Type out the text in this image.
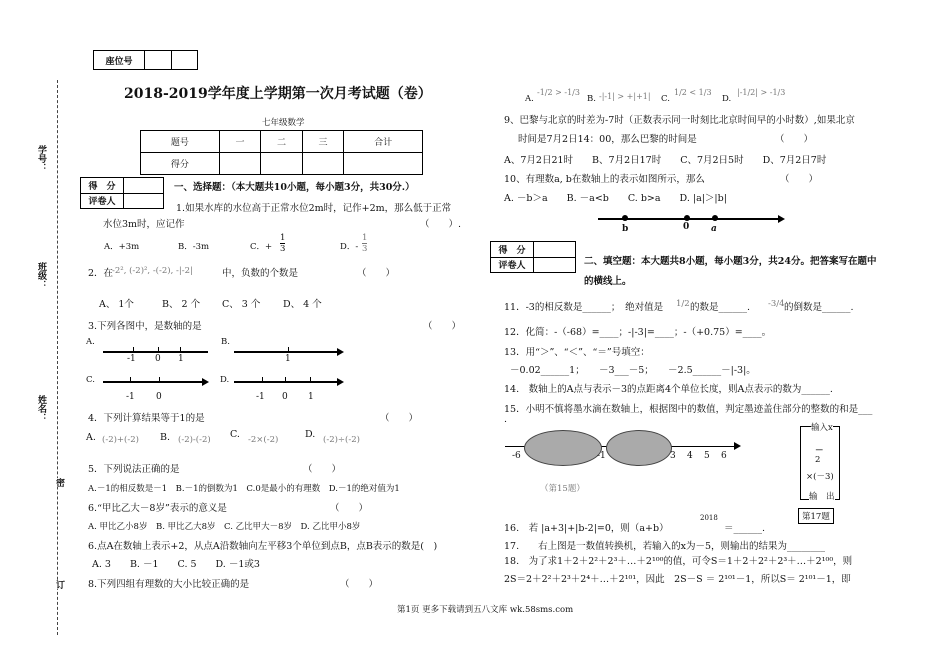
学号：
班级：
姓名：
密
订
座位号		
2018-2019学年度上学期第一次月考试题（卷）
七年级数学
题号	一	二	三	合计
得分				
得　分	
评卷人	
一、选择题：（本大题共10小题，每小题3分，共30分.）
1.如果水库的水位高于正常水位2m时，记作+2m，那么低于正常
水位3m时，应记作	（　　）.
A．+3m	B．-3m	C．+
1
3	D．-
1
3
2．在
-2², (-2)², -(-2), -|-2|	中，负数的个数是	（　　）
A、 1个	B、 2 个 C、 3 个 D、 4 个
3.下列各图中，是数轴的是	（　　）
A.
-1 0 1
B.
1
C.
-1 0
D.
-1 0 1
4．下列计算结果等于1的是	（　　）
A. (-2)+(-2) B. (-2)-(-2) C. -2×(-2)	D. (-2)÷(-2)
5．下列说法正确的是	（　　）
A.－1的相反数是－1　B.－1的倒数为1　C.0是最小的有理数　D.－1的绝对值为1
6.“甲比乙大－8岁”表示的意义是	（　　）
A. 甲比乙小8岁　B. 甲比乙大8岁　C. 乙比甲大－8岁　D. 乙比甲小8岁
6.点A在数轴上表示+2，从点A沿数轴向左平移3个单位到点B，点B表示的数是(　)
A. 3　　B. －1　　C. 5　　D. －1或3
8.下列四组有理数的大小比较正确的是	（　　）
A.
-1/2 > -1/3
B. -|-1| > +|+1| C.
1/2 < 1/3
D.
|-1/2| > -1/3
9、巴黎与北京的时差为-7时（正数表示同一时刻比北京时间早的小时数）,如果北京
时间是7月2日14：00，那么巴黎的时间是	（　　）
A、7月2日21时　　B、7月2日17时　　C、7月2日5时　　D、7月2日7时
10、有理数a, b在数轴上的表示如图所示，那么	（　　）
A. －b＞a　　B. －a<b　　C. b>a　　D. |a|＞|b|
b	0 a
得　分	
评卷人		二、填空题：本大题共8小题，每小题3分，共24分。把答案写在题中
的横线上。
11．-3的相反数是______；　绝对值是 1/2 的数是______.　 -3/4 的倒数是______.
12．化简：-（-68）=____；-|-3|=____；-（+0.75）=____。
13．用“＞”、“＜”、“＝”号填空：
－0.02______1；　　－3___－5；　　－2.5______－|-3|。
14.　数轴上的A点与表示－3的点距离4个单位长度，则A点表示的数为______.
15．小明不慎将墨水滴在数轴上，根据图中的数值，判定墨迹盖住部分的整数的和是___
.
-6	-1	3 4 5 6
（第15题）
输入x
－
2
×(－3)
输　出
第17题
16.　若 |a+3|+|b-2|=0，则（a+b）
2018
＝______.
17.　　右上图是一数值转换机，若输入的x为－5，则输出的结果为________
18.　为了求1＋2＋2²＋2³＋…＋2¹⁰⁰的值，可令S＝1＋2＋2²＋2³＋…＋2¹⁰⁰，则
2S＝2＋2²＋2³＋2⁴＋…＋2¹⁰¹，因此　2S－S ＝ 2¹⁰¹－1，所以S＝ 2¹⁰¹－1，即
第1页 更多下载请到五八文库 wk.58sms.com
